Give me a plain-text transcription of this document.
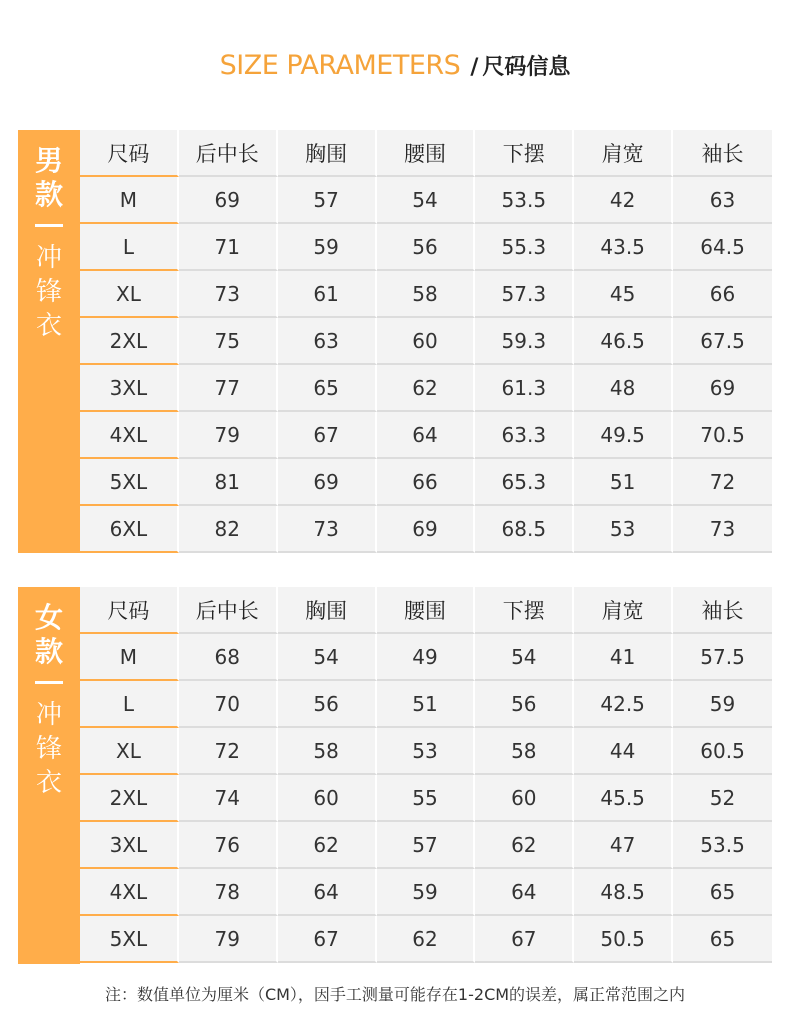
SIZE PARAMETERS / 尺码信息
男
款
冲
锋
衣
尺码	后中长	胸围	腰围	下摆	肩宽	袖长
M	69	57	54	53.5	42	63
L	71	59	56	55.3	43.5	64.5
XL	73	61	58	57.3	45	66
2XL	75	63	60	59.3	46.5	67.5
3XL	77	65	62	61.3	48	69
4XL	79	67	64	63.3	49.5	70.5
5XL	81	69	66	65.3	51	72
6XL	82	73	69	68.5	53	73
女
款
冲
锋
衣
尺码	后中长	胸围	腰围	下摆	肩宽	袖长
M	68	54	49	54	41	57.5
L	70	56	51	56	42.5	59
XL	72	58	53	58	44	60.5
2XL	74	60	55	60	45.5	52
3XL	76	62	57	62	47	53.5
4XL	78	64	59	64	48.5	65
5XL	79	67	62	67	50.5	65
注：数值单位为厘米（CM），因手工测量可能存在1-2CM的误差，属正常范围之内
